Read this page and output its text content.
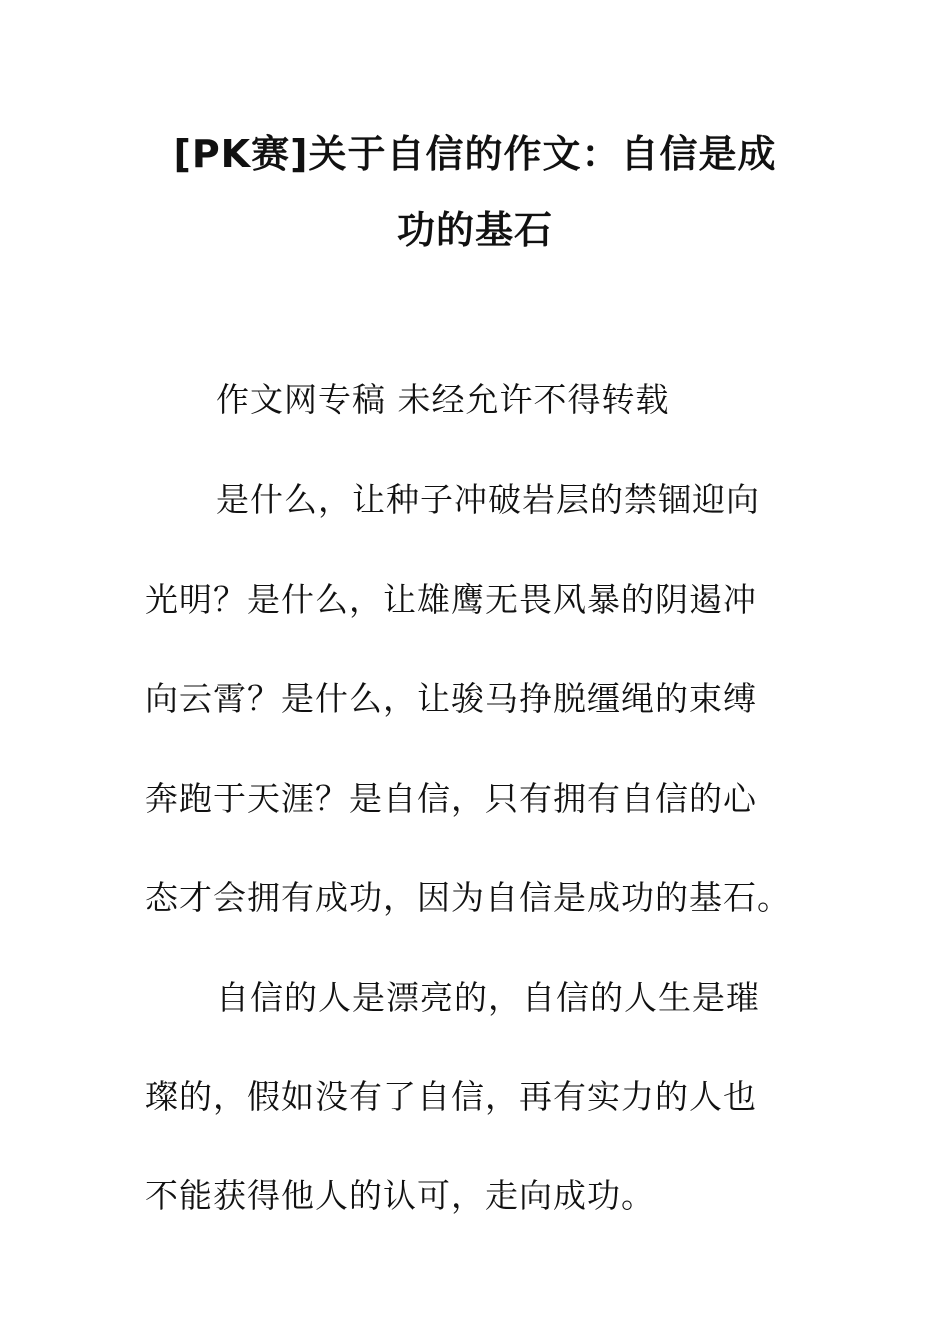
[PK赛]关于自信的作文：自信是成
功的基石
作文网专稿 未经允许不得转载
是什么，让种子冲破岩层的禁锢迎向
光明？是什么，让雄鹰无畏风暴的阴遏冲
向云霄？是什么，让骏马挣脱缰绳的束缚
奔跑于天涯？是自信，只有拥有自信的心
态才会拥有成功，因为自信是成功的基石。
自信的人是漂亮的，自信的人生是璀
璨的，假如没有了自信，再有实力的人也
不能获得他人的认可，走向成功。
